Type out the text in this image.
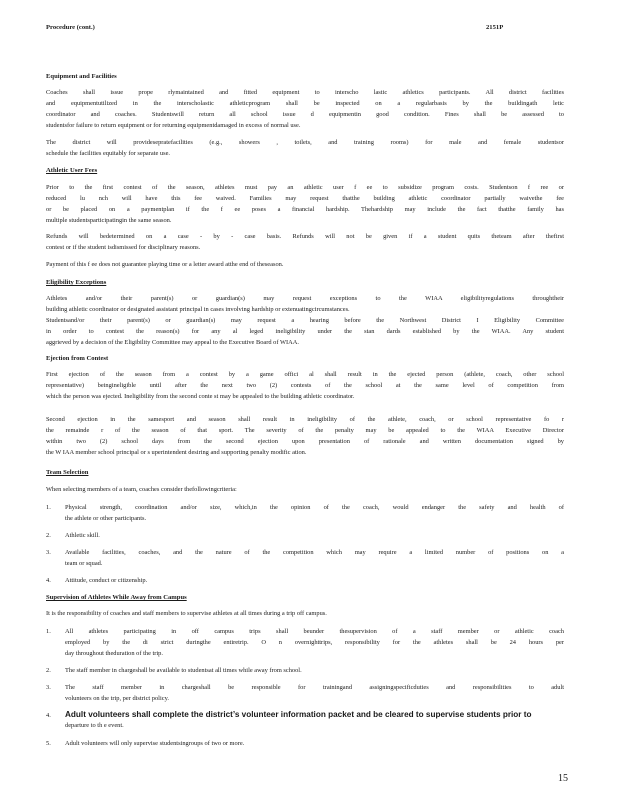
Procedure (cont.)	2151P
Equipment and Facilities
Coaches shall issue prope rlymaintained and fitted equipment to interscho lastic athletics participants. All district facilities
and equipmentutilized in the interscholastic athleticprogram shall be inspected on a regularbasis by the buildingath letic
coordinator and coaches. Studentswill return all school issue d equipmentin good condition. Fines shall be assessed to
studentsfor failure to return equipment or for returning equipmentdamaged in excess of normal use.
The district will providesepratefacilities (e.g., showers , toilets, and training rooms) for male and female studentsor
schedule the facilities equitably for separate use.
Athletic User Fees
Prior to the first contest of the season, athletes must pay an athletic user f ee to subsidize program costs. Studentson f ree or
reduced lu nch will have this fee waived. Families may request thatthe building athletic coordinator partially waivethe fee
or be placed on a paymentplan if the f ee poses a financial hardship. Thehardship may include the fact thatthe family has
multiple studentsparticipatingin the same season.
Refunds will bedetermined on a case - by - case basis. Refunds will not be given if a student quits theteam after thefirst
contest or if the student isdismissed for disciplinary reasons.
Payment of this f ee does not guarantee playing time or a letter award atthe end of theseason.
Eligibility Exceptions
Athletes and/or their parent(s) or guardian(s) may request exceptions to the WIAA eligibilityregulations throughtheir
building athletic coordinator or designated assistant principal in cases involving hardship or extenuatingcircumstances.
Studentsand/or their parent(s) or guardian(s) may request a hearing before the Northwest District I Eligibility Committee
in order to contest the reason(s) for any al leged ineligibility under the stan dards established by the WIAA. Any student
aggrieved by a decision of the Eligibility Committee may appeal to the Executive Board of WIAA.
Ejection from Contest
First ejection of the season from a contest by a game offici al shall result in the ejected person (athlete, coach, other school
representative) beingineligible until after the next two (2) contests of the school at the same level of competition from
which the person was ejected. Ineligibility from the second conte st may be appealed to the building athletic coordinator.
Second ejection in the samesport and season shall result in ineligibility of the athlete, coach, or school representative fo r
the remainde r of the season of that sport. The severity of the penalty may be appealed to the WIAA Executive Director
within two (2) school days from the second ejection upon presentation of rationale and written documentation signed by
the W IAA member school principal or s uperintendent desiring and supporting penalty modific ation.
Team Selection
When selecting members of a team, coaches consider thefollowingcriteria:
1. Physical strength, coordination and/or size, which,in the opinion of the coach, would endanger the safety and health of
the athlete or other participants.
2. Athletic skill.
3. Available facilities, coaches, and the nature of the competition which may require a limited number of positions on a
team or squad.
4. Attitude, conduct or citizenship.
Supervision of Athletes While Away from Campus
It is the responsibility of coaches and staff members to supervise athletes at all times during a trip off campus.
1. All athletes participating in off campus trips shall beunder thesupervision of a staff member or athletic coach
employed by the di strict duringthe entiretrip. O n overnighttrips, responsibility for the athletes shall be 24 hours per
day throughout theduration of the trip.
2. The staff member in chargeshall be available to studentsat all times while away from school.
3. The staff member in chargeshall be responsible for trainingand assigningspecificduties and responsibilities to adult
volunteers on the trip, per district policy.
4. Adult volunteers shall complete the district’s volunteer information packet and be cleared to supervise students prior to
departure to th e event.
5. Adult volunteers will only supervise studentsingroups of two or more.
15
